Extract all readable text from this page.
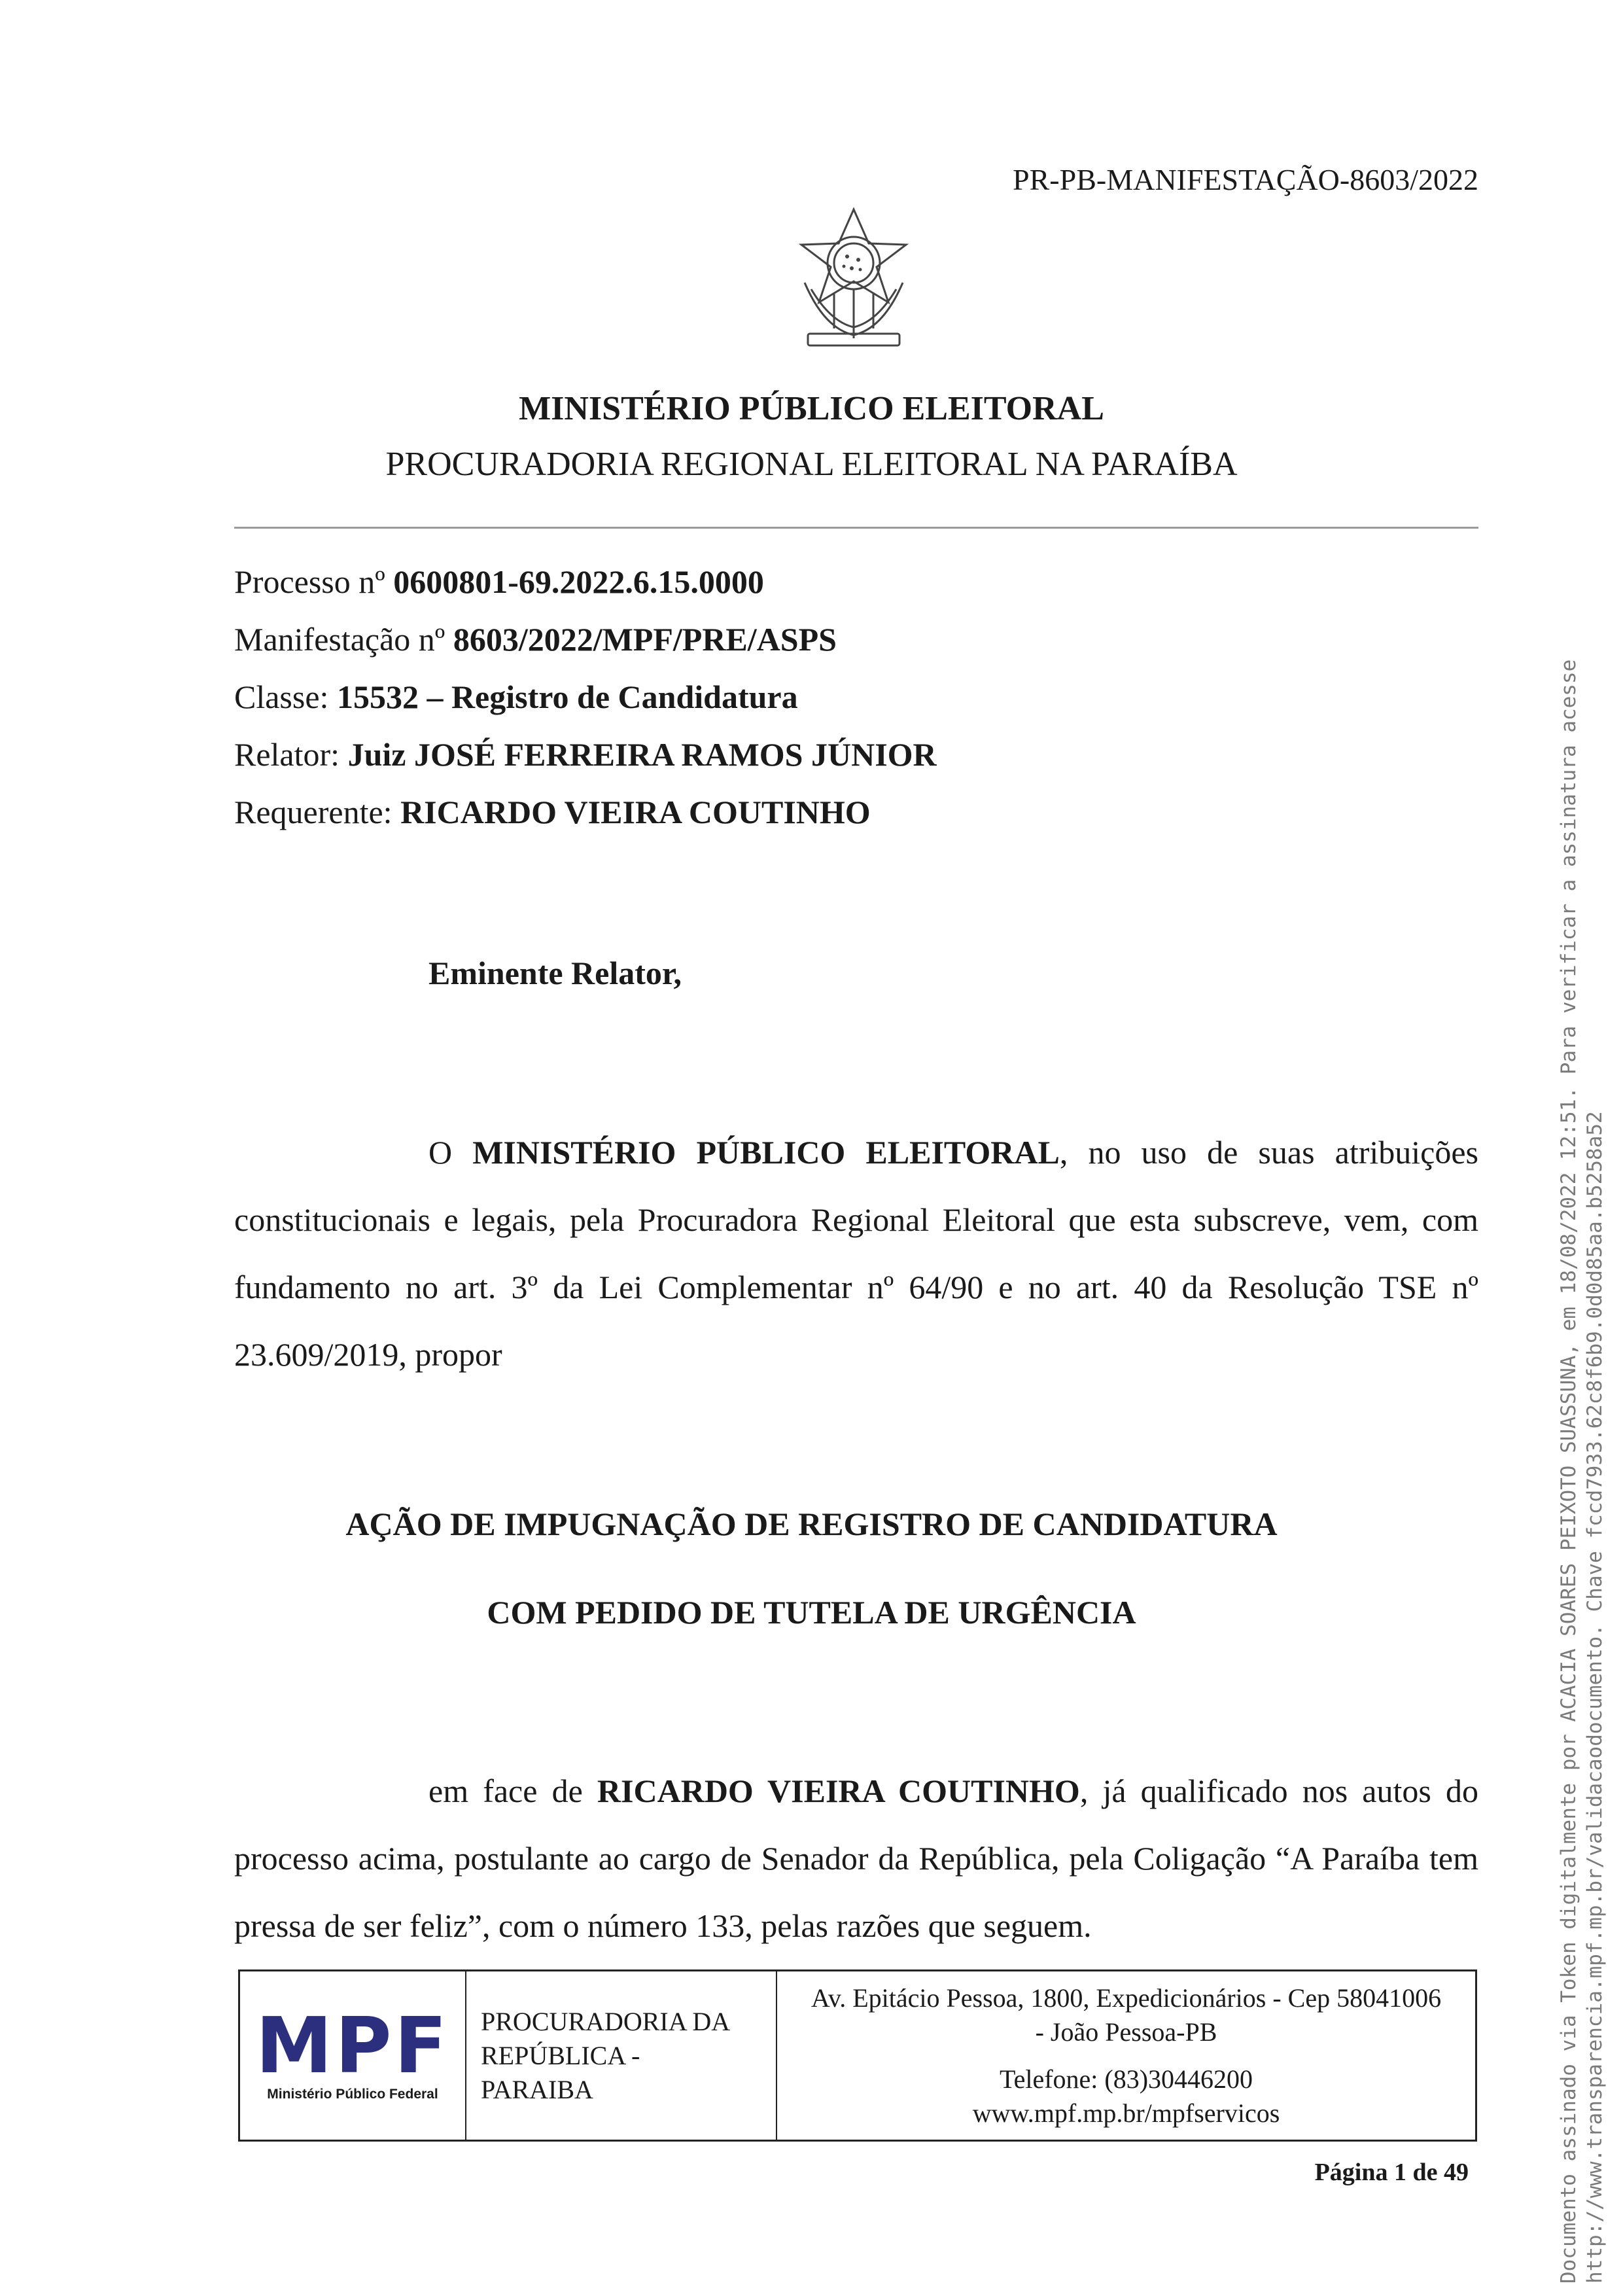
PR-PB-MANIFESTAÇÃO-8603/2022
MINISTÉRIO PÚBLICO ELEITORAL
PROCURADORIA REGIONAL ELEITORAL NA PARAÍBA
Processo nº 0600801-69.2022.6.15.0000
Manifestação nº 8603/2022/MPF/PRE/ASPS
Classe: 15532 – Registro de Candidatura
Relator: Juiz JOSÉ FERREIRA RAMOS JÚNIOR
Requerente: RICARDO VIEIRA COUTINHO
Eminente Relator,
O MINISTÉRIO PÚBLICO ELEITORAL, no uso de suas atribuições constitucionais e legais, pela Procuradora Regional Eleitoral que esta subscreve, vem, com fundamento no art. 3º da Lei Complementar nº 64/90 e no art. 40 da Resolução TSE nº 23.609/2019, propor
AÇÃO DE IMPUGNAÇÃO DE REGISTRO DE CANDIDATURA
COM PEDIDO DE TUTELA DE URGÊNCIA
em face de RICARDO VIEIRA COUTINHO, já qualificado nos autos do processo acima, postulante ao cargo de Senador da República, pela Coligação “A Paraíba tem pressa de ser feliz”, com o número 133, pelas razões que seguem.
MPF
Ministério Público Federal
PROCURADORIA DA
REPÚBLICA -
PARAIBA
Av. Epitácio Pessoa, 1800, Expedicionários - Cep 58041006
- João Pessoa-PB
Telefone: (83)30446200
www.mpf.mp.br/mpfservicos
Página 1 de 49	Documento assinado via Token digitalmente por ACACIA SOARES PEIXOTO SUASSUNA, em 18/08/2022 12:51. Para verificar a assinatura acesse http://www.transparencia.mpf.mp.br/validacaodocumento. Chave fccd7933.62c8f6b9.0d0d85aa.b5258a52
